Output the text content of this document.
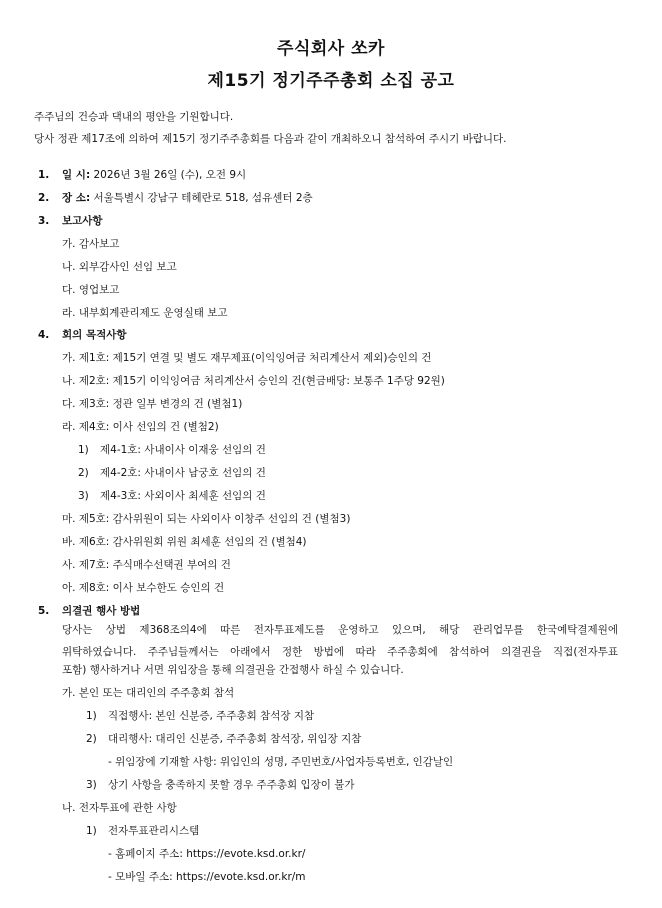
주식회사 쏘카
제15기 정기주주총회 소집 공고
주주님의 건승과 댁내의 평안을 기원합니다.
당사 정관 제17조에 의하여 제15기 정기주주총회를 다음과 같이 개최하오니 참석하여 주시기 바랍니다.
1. 일 시: 2026년 3월 26일 (수), 오전 9시
2. 장 소: 서울특별시 강남구 테헤란로 518, 섬유센터 2층
3. 보고사항
가. 감사보고
나. 외부감사인 선임 보고
다. 영업보고
라. 내부회계관리제도 운영실태 보고
4. 회의 목적사항
가. 제1호: 제15기 연결 및 별도 재무제표(이익잉여금 처리계산서 제외)승인의 건
나. 제2호: 제15기 이익잉여금 처리계산서 승인의 건(현금배당: 보통주 1주당 92원)
다. 제3호: 정관 일부 변경의 건 (별첨1)
라. 제4호: 이사 선임의 건 (별첨2)
1) 제4-1호: 사내이사 이재웅 선임의 건
2) 제4-2호: 사내이사 남궁호 선임의 건
3) 제4-3호: 사외이사 최세훈 선임의 건
마. 제5호: 감사위원이 되는 사외이사 이창주 선임의 건 (별첨3)
바. 제6호: 감사위원회 위원 최세훈 선임의 건 (별첨4)
사. 제7호: 주식매수선택권 부여의 건
아. 제8호: 이사 보수한도 승인의 건
5. 의결권 행사 방법
당사는 상법 제368조의4에 따른 전자투표제도를 운영하고 있으며, 해당 관리업무를 한국예탁결제원에
위탁하였습니다. 주주님들께서는 아래에서 정한 방법에 따라 주주총회에 참석하여 의결권을 직접(전자투표
포함) 행사하거나 서면 위임장을 통해 의결권을 간접행사 하실 수 있습니다.
가. 본인 또는 대리인의 주주총회 참석
1) 직접행사: 본인 신분증, 주주총회 참석장 지참
2) 대리행사: 대리인 신분증, 주주총회 참석장, 위임장 지참
- 위임장에 기재할 사항: 위임인의 성명, 주민번호/사업자등록번호, 인감날인
3) 상기 사항을 충족하지 못할 경우 주주총회 입장이 불가
나. 전자투표에 관한 사항
1) 전자투표관리시스템
- 홈페이지 주소: https://evote.ksd.or.kr/
- 모바일 주소: https://evote.ksd.or.kr/m
